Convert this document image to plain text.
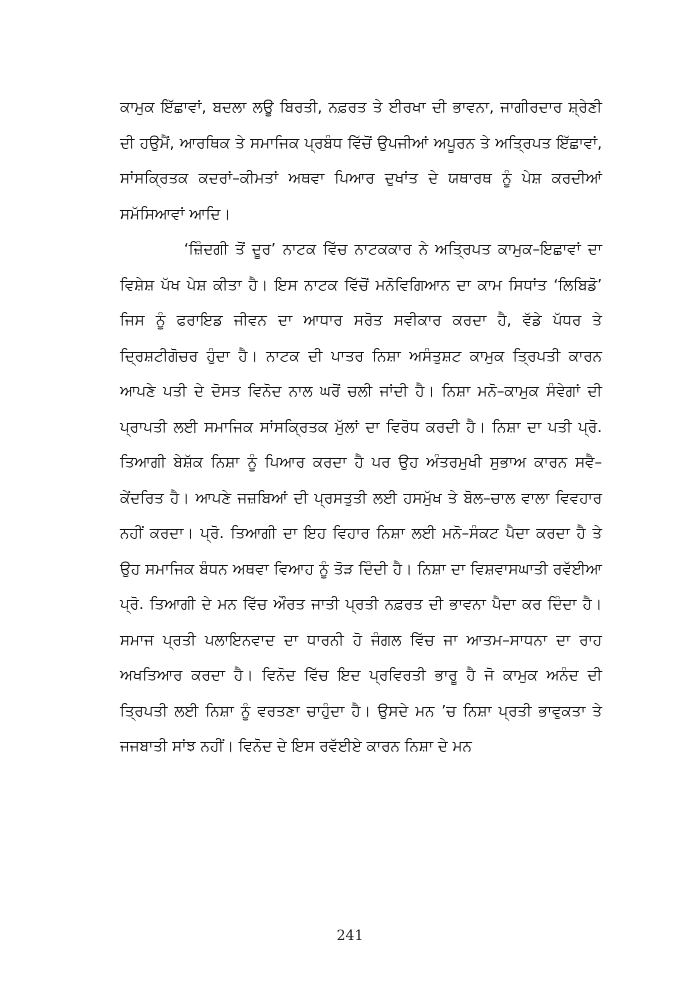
ਕਾਮੁਕ ਇੱਛਾਵਾਂ, ਬਦਲਾ ਲਊ ਬਿਰਤੀ, ਨਫ਼ਰਤ ਤੇ ਈਰਖਾ ਦੀ ਭਾਵਨਾ, ਜਾਗੀਰਦਾਰ ਸ਼੍ਰੇਣੀ ਦੀ ਹਉਮੈਂ, ਆਰਥਿਕ ਤੇ ਸਮਾਜਿਕ ਪ੍ਰਬੰਧ ਵਿੱਚੋਂ ਉਪਜੀਆਂ ਅਪੂਰਨ ਤੇ ਅਤ੍ਰਿਪਤ ਇੱਛਾਵਾਂ, ਸਾਂਸਕ੍ਰਿਤਕ ਕਦਰਾਂ–ਕੀਮਤਾਂ ਅਥਵਾ ਪਿਆਰ ਦੁਖਾਂਤ ਦੇ ਯਥਾਰਥ ਨੂੰ ਪੇਸ਼ ਕਰਦੀਆਂ ਸਮੱਸਿਆਵਾਂ ਆਦਿ।

‘ਜ਼ਿੰਦਗੀ ਤੋਂ ਦੂਰ’ ਨਾਟਕ ਵਿੱਚ ਨਾਟਕਕਾਰ ਨੇ ਅਤ੍ਰਿਪਤ ਕਾਮੁਕ–ਇਛਾਵਾਂ ਦਾ ਵਿਸ਼ੇਸ਼ ਪੱਖ ਪੇਸ਼ ਕੀਤਾ ਹੈ। ਇਸ ਨਾਟਕ ਵਿੱਚੋਂ ਮਨੋਵਿਗਿਆਨ ਦਾ ਕਾਮ ਸਿਧਾਂਤ ‘ਲਿਬਿਡੋ’ ਜਿਸ ਨੂੰ ਫਰਾਇਡ ਜੀਵਨ ਦਾ ਆਧਾਰ ਸਰੋਤ ਸਵੀਕਾਰ ਕਰਦਾ ਹੈ, ਵੱਡੇ ਪੱਧਰ ਤੇ ਦ੍ਰਿਸ਼ਟੀਗੋਚਰ ਹੁੰਦਾ ਹੈ। ਨਾਟਕ ਦੀ ਪਾਤਰ ਨਿਸ਼ਾ ਅਸੰਤੁਸ਼ਟ ਕਾਮੁਕ ਤ੍ਰਿਪਤੀ ਕਾਰਨ ਆਪਣੇ ਪਤੀ ਦੇ ਦੋਸਤ ਵਿਨੋਦ ਨਾਲ ਘਰੋਂ ਚਲੀ ਜਾਂਦੀ ਹੈ। ਨਿਸ਼ਾ ਮਨੋ–ਕਾਮੁਕ ਸੰਵੇਗਾਂ ਦੀ ਪ੍ਰਾਪਤੀ ਲਈ ਸਮਾਜਿਕ ਸਾਂਸਕ੍ਰਿਤਕ ਮੁੱਲਾਂ ਦਾ ਵਿਰੋਧ ਕਰਦੀ ਹੈ। ਨਿਸ਼ਾ ਦਾ ਪਤੀ ਪ੍ਰੋ. ਤਿਆਗੀ ਬੇਸ਼ੱਕ ਨਿਸ਼ਾ ਨੂੰ ਪਿਆਰ ਕਰਦਾ ਹੈ ਪਰ ਉਹ ਅੰਤਰਮੁਖੀ ਸੁਭਾਅ ਕਾਰਨ ਸਵੈ–ਕੇਂਦਰਿਤ ਹੈ। ਆਪਣੇ ਜਜ਼ਬਿਆਂ ਦੀ ਪ੍ਰਸਤੁਤੀ ਲਈ ਹਸਮੁੱਖ ਤੇ ਬੋਲ–ਚਾਲ ਵਾਲਾ ਵਿਵਹਾਰ ਨਹੀਂ ਕਰਦਾ। ਪ੍ਰੋ. ਤਿਆਗੀ ਦਾ ਇਹ ਵਿਹਾਰ ਨਿਸ਼ਾ ਲਈ ਮਨੋ–ਸੰਕਟ ਪੈਦਾ ਕਰਦਾ ਹੈ ਤੇ ਉਹ ਸਮਾਜਿਕ ਬੰਧਨ ਅਥਵਾ ਵਿਆਹ ਨੂੰ ਤੋੜ ਦਿੰਦੀ ਹੈ। ਨਿਸ਼ਾ ਦਾ ਵਿਸ਼ਵਾਸਘਾਤੀ ਰਵੱਈਆ ਪ੍ਰੋ. ਤਿਆਗੀ ਦੇ ਮਨ ਵਿੱਚ ਔਰਤ ਜਾਤੀ ਪ੍ਰਤੀ ਨਫ਼ਰਤ ਦੀ ਭਾਵਨਾ ਪੈਦਾ ਕਰ ਦਿੰਦਾ ਹੈ। ਸਮਾਜ ਪ੍ਰਤੀ ਪਲਾਇਨਵਾਦ ਦਾ ਧਾਰਨੀ ਹੋ ਜੰਗਲ ਵਿੱਚ ਜਾ ਆਤਮ–ਸਾਧਨਾ ਦਾ ਰਾਹ ਅਖਤਿਆਰ ਕਰਦਾ ਹੈ। ਵਿਨੋਦ ਵਿੱਚ ਇਦ ਪ੍ਰਵਿਰਤੀ ਭਾਰੂ ਹੈ ਜੋ ਕਾਮੁਕ ਅਨੰਦ ਦੀ ਤ੍ਰਿਪਤੀ ਲਈ ਨਿਸ਼ਾ ਨੂੰ ਵਰਤਣਾ ਚਾਹੁੰਦਾ ਹੈ। ਉਸਦੇ ਮਨ ’ਚ ਨਿਸ਼ਾ ਪ੍ਰਤੀ ਭਾਵੁਕਤਾ ਤੇ ਜਜਬਾਤੀ ਸਾਂਝ ਨਹੀਂ। ਵਿਨੋਦ ਦੇ ਇਸ ਰਵੱਈਏ ਕਾਰਨ ਨਿਸ਼ਾ ਦੇ ਮਨ

241
